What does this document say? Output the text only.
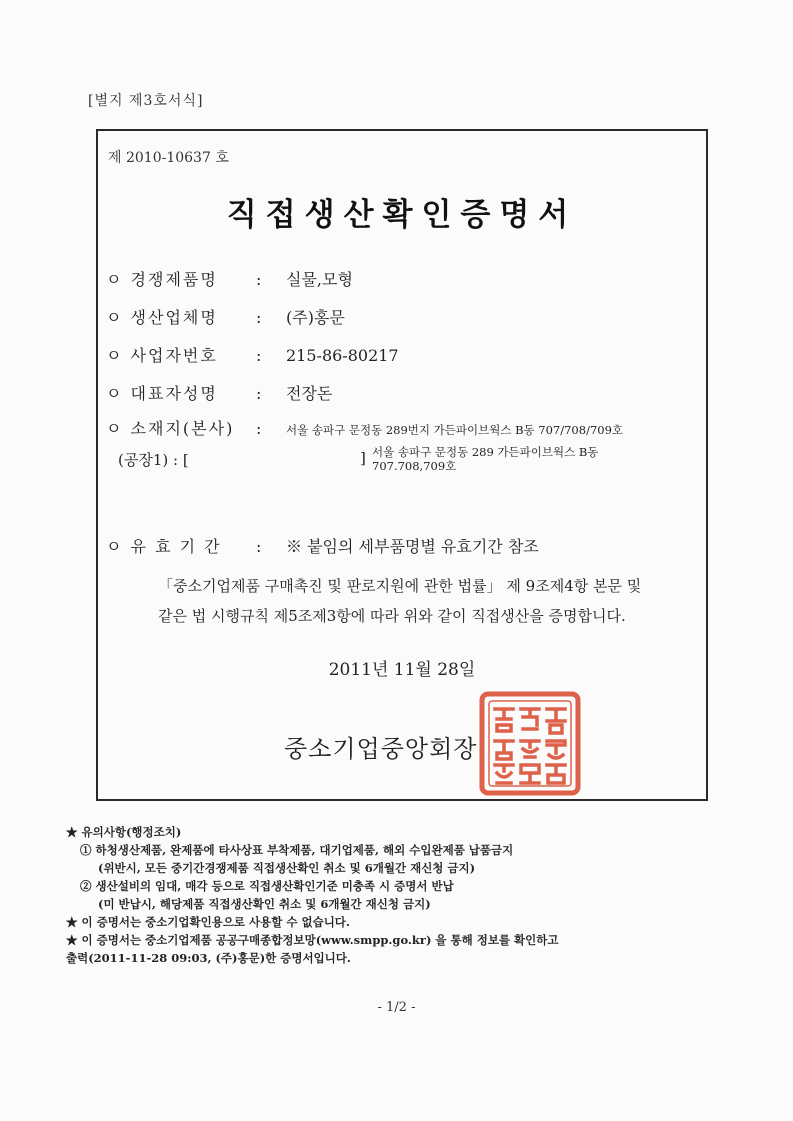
[별지 제3호서식]
제 2010-10637 호
직접생산확인증명서
ㅇ 경쟁제품명 : 실물,모형
ㅇ 생산업체명 : (주)홍문
ㅇ 사업자번호 : 215-86-80217
ㅇ 대표자성명 : 전장돈
ㅇ 소재지(본사) : 서울 송파구 문정동 289번지 가든파이브웍스 B동 707/708/709호
(공장1) : [	] 서울 송파구 문정동 289 가든파이브웍스 B동 707.708,709호
ㅇ 유 효 기 간 : ※ 붙임의 세부품명별 유효기간 참조

「중소기업제품 구매촉진 및 판로지원에 관한 법률」 제 9조제4항 본문 및

같은 법 시행규칙 제5조제3항에 따라 위와 같이 직접생산을 증명합니다.

2011년 11월 28일
중소기업중앙회장
★ 유의사항(행정조치)
① 하청생산제품, 완제품에 타사상표 부착제품, 대기업제품, 해외 수입완제품 납품금지
(위반시, 모든 중기간경쟁제품 직접생산확인 취소 및 6개월간 재신청 금지)
② 생산설비의 임대, 매각 등으로 직접생산확인기준 미충족 시 증명서 반납
(미 반납시, 해당제품 직접생산확인 취소 및 6개월간 재신청 금지)
★ 이 증명서는 중소기업확인용으로 사용할 수 없습니다.
★ 이 증명서는 중소기업제품 공공구매종합정보망(www.smpp.go.kr) 을 통해 정보를 확인하고
출력(2011-11-28 09:03, (주)홍문)한 증명서입니다.
- 1/2 -
